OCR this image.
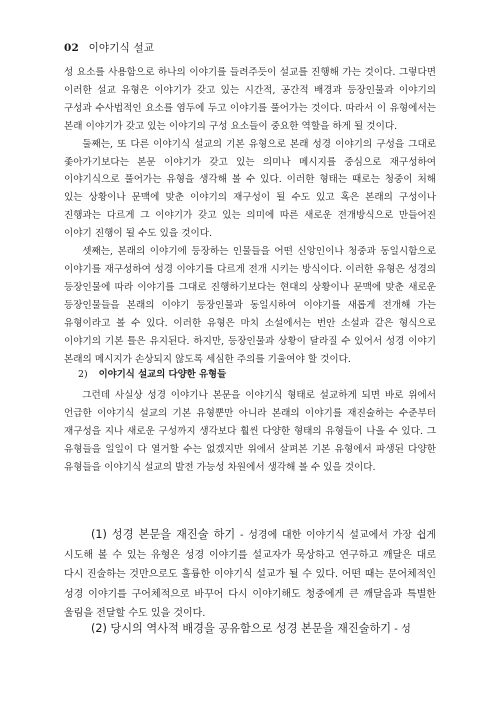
02 이야기식 설교

성 요소를 사용함으로 하나의 이야기를 들려주듯이 설교를 진행해 가는 것이다. 그렇다면 이러한 설교 유형은 이야기가 갖고 있는 시간적, 공간적 배경과 등장인물과 이야기의 구성과 수사법적인 요소를 염두에 두고 이야기를 풀어가는 것이다. 따라서 이 유형에서는 본래 이야기가 갖고 있는 이야기의 구성 요소들이 중요한 역할을 하게 될 것이다.

둘째는, 또 다른 이야기식 설교의 기본 유형으로 본래 성경 이야기의 구성을 그대로 좇아가기보다는 본문 이야기가 갖고 있는 의미나 메시지를 중심으로 재구성하여 이야기식으로 풀어가는 유형을 생각해 볼 수 있다. 이러한 형태는 때로는 청중이 처해 있는 상황이나 문맥에 맞춘 이야기의 재구성이 될 수도 있고 혹은 본래의 구성이나 진행과는 다르게 그 이야기가 갖고 있는 의미에 따른 새로운 전개방식으로 만들어진 이야기 진행이 될 수도 있을 것이다.

셋째는, 본래의 이야기에 등장하는 인물들을 어떤 신앙인이나 청중과 동일시함으로 이야기를 재구성하여 성경 이야기를 다르게 전개 시키는 방식이다. 이러한 유형은 성경의 등장인물에 따라 이야기를 그대로 진행하기보다는 현대의 상황이나 문맥에 맞춘 새로운 등장인물들을 본래의 이야기 등장인물과 동일시하여 이야기를 새롭게 전개해 가는 유형이라고 볼 수 있다. 이러한 유형은 마치 소설에서는 번안 소설과 같은 형식으로 이야기의 기본 틀은 유지된다. 하지만, 등장인물과 상황이 달라질 수 있어서 성경 이야기 본래의 메시지가 손상되지 않도록 세심한 주의를 기울여야 할 것이다.

2) 이야기식 설교의 다양한 유형들

그런데 사실상 성경 이야기나 본문을 이야기식 형태로 설교하게 되면 바로 위에서 언급한 이야기식 설교의 기본 유형뿐만 아니라 본래의 이야기를 재진술하는 수준부터 재구성을 지나 새로운 구성까지 생각보다 훨씬 다양한 형태의 유형들이 나올 수 있다. 그 유형들을 일일이 다 열거할 수는 없겠지만 위에서 살펴본 기본 유형에서 파생된 다양한 유형들을 이야기식 설교의 발전 가능성 차원에서 생각해 볼 수 있을 것이다.

(1) 성경 본문을 재진술 하기 - 성경에 대한 이야기식 설교에서 가장 쉽게 시도해 볼 수 있는 유형은 성경 이야기를 설교자가 묵상하고 연구하고 깨달은 대로 다시 진술하는 것만으로도 훌륭한 이야기식 설교가 될 수 있다. 어떤 때는 문어체적인 성경 이야기를 구어체적으로 바꾸어 다시 이야기해도 청중에게 큰 깨달음과 특별한 울림을 전달할 수도 있을 것이다.

(2) 당시의 역사적 배경을 공유함으로 성경 본문을 재진술하기 - 성
